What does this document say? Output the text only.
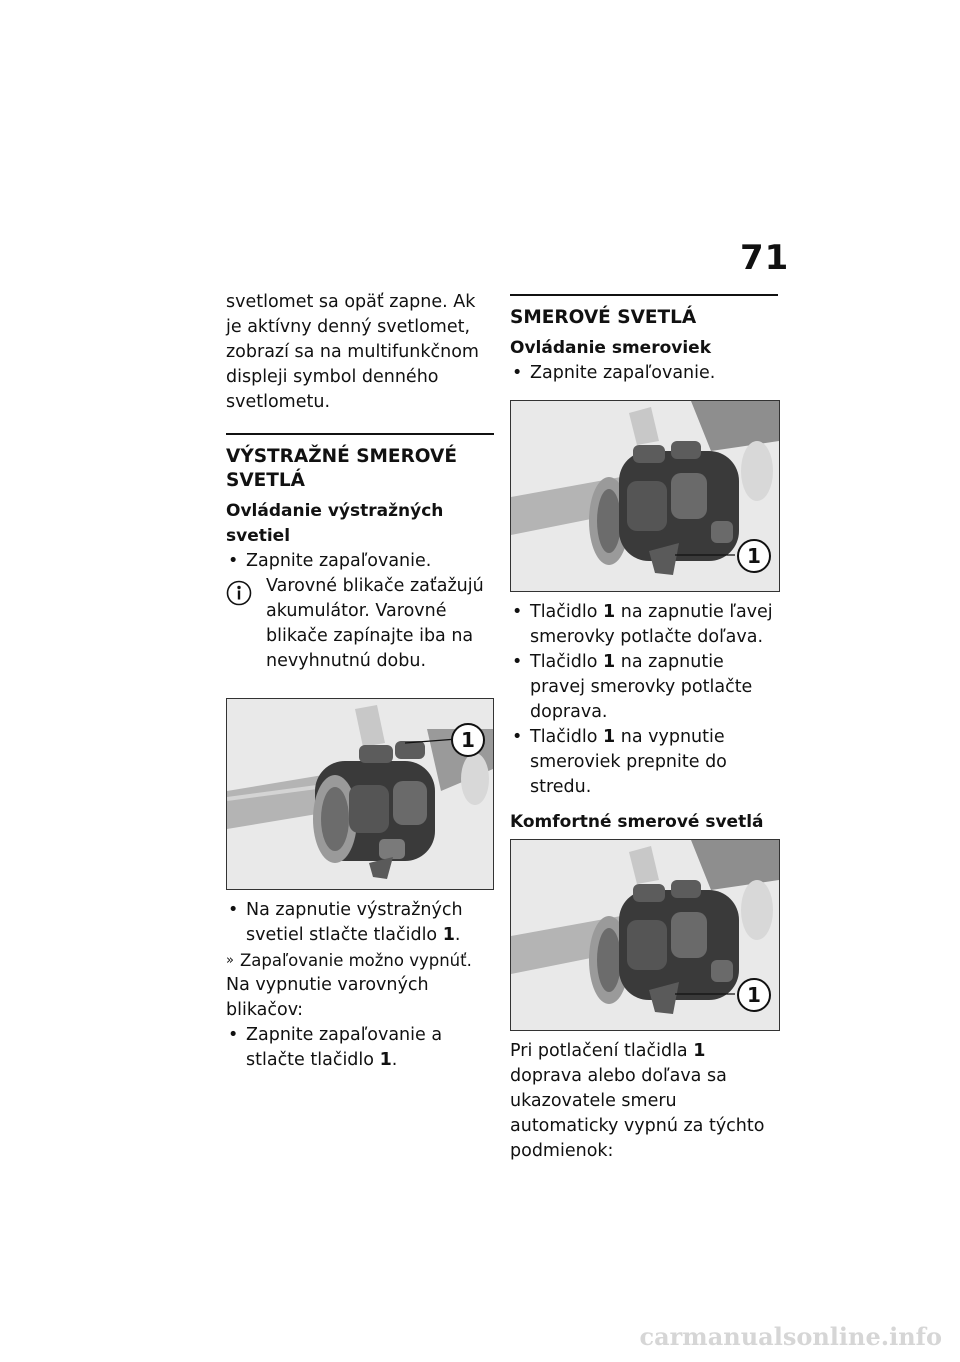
71

svetlomet sa opäť zapne. Ak je aktívny denný svetlomet, zobrazí sa na multifunkčnom displeji symbol denného svetlometu.

VÝSTRAŽNÉ SMEROVÉ SVETLÁ
Ovládanie výstražných svetiel

• Zapnite zapaľovanie.

Varovné blikače zaťažujú akumulátor. Varovné blikače zapínajte iba na nevyhnutnú dobu.

1

• Na zapnutie výstražných svetiel stlačte tlačidlo 1.

» Zapaľovanie možno vypnúť.

Na vypnutie varovných blikačov:

• Zapnite zapaľovanie a stlačte tlačidlo 1.

SMEROVÉ SVETLÁ
Ovládanie smeroviek

• Zapnite zapaľovanie.

1

• Tlačidlo 1 na zapnutie ľavej smerovky potlačte doľava.

• Tlačidlo 1 na zapnutie pravej smerovky potlačte doprava.

• Tlačidlo 1 na vypnutie smeroviek prepnite do stredu.

Komfortné smerové svetlá
1

Pri potlačení tlačidla 1 doprava alebo doľava sa ukazovatele smeru automaticky vypnú za týchto podmienok:

carmanualsonline.info
